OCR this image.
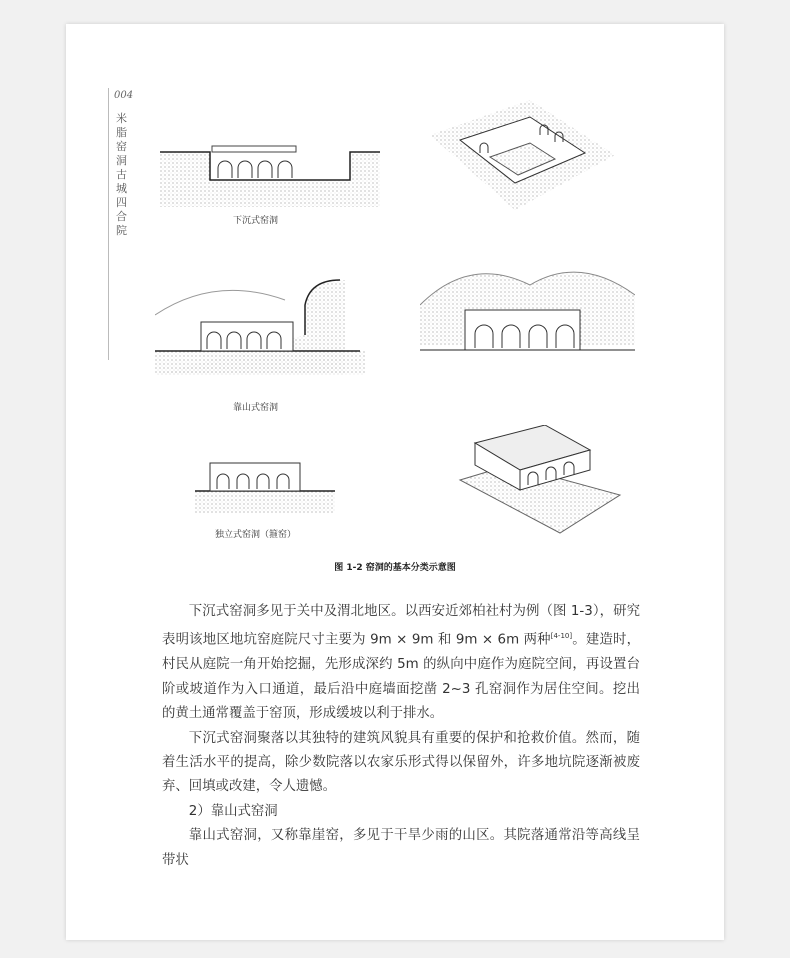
004
米脂窑洞古城四合院
下沉式窑洞
靠山式窑洞
独立式窑洞（箍窑）
图 1-2 窑洞的基本分类示意图

下沉式窑洞多见于关中及渭北地区。以西安近郊柏社村为例（图 1-3），研究表明该地区地坑窑庭院尺寸主要为 9m × 9m 和 9m × 6m 两种[4-10]。建造时，村民从庭院一角开始挖掘，先形成深约 5m 的纵向中庭作为庭院空间，再设置台阶或坡道作为入口通道，最后沿中庭墙面挖凿 2~3 孔窑洞作为居住空间。挖出的黄土通常覆盖于窑顶，形成缓坡以利于排水。

下沉式窑洞聚落以其独特的建筑风貌具有重要的保护和抢救价值。然而，随着生活水平的提高，除少数院落以农家乐形式得以保留外，许多地坑院逐渐被废弃、回填或改建，令人遗憾。

2）靠山式窑洞

靠山式窑洞，又称靠崖窑，多见于干旱少雨的山区。其院落通常沿等高线呈带状
